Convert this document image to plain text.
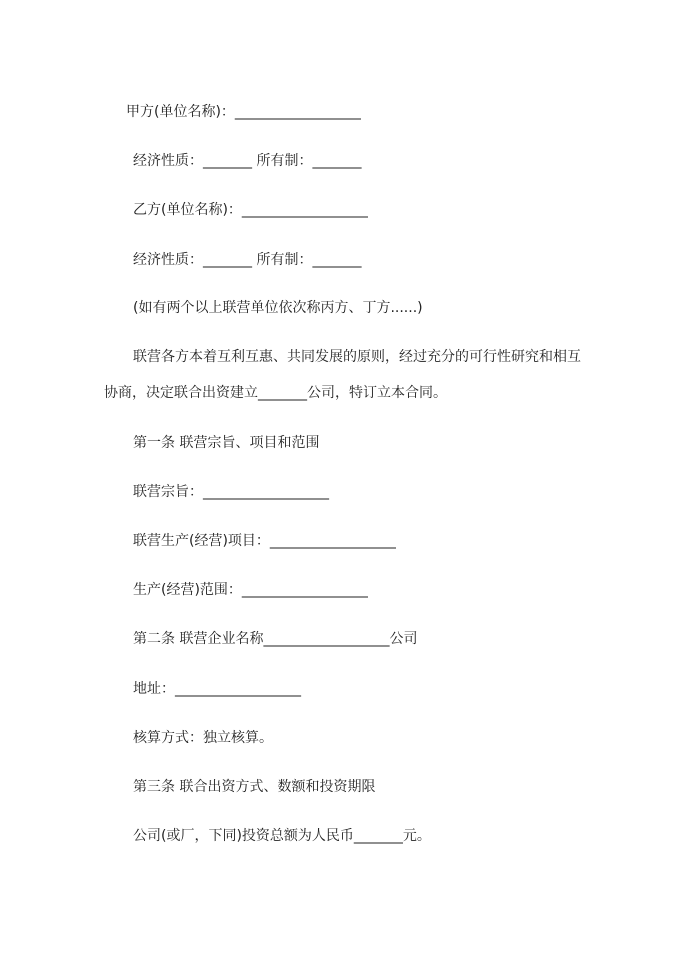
甲方(单位名称)：__________________
经济性质：_______ 所有制：_______
乙方(单位名称)：__________________
经济性质：_______ 所有制：_______
(如有两个以上联营单位依次称丙方、丁方......)
联营各方本着互利互惠、共同发展的原则，经过充分的可行性研究和相互
协商，决定联合出资建立_______公司，特订立本合同。
第一条 联营宗旨、项目和范围
联营宗旨：__________________
联营生产(经营)项目：__________________
生产(经营)范围：__________________
第二条 联营企业名称__________________公司
地址：__________________
核算方式：独立核算。
第三条 联合出资方式、数额和投资期限
公司(或厂，下同)投资总额为人民币_______元。
